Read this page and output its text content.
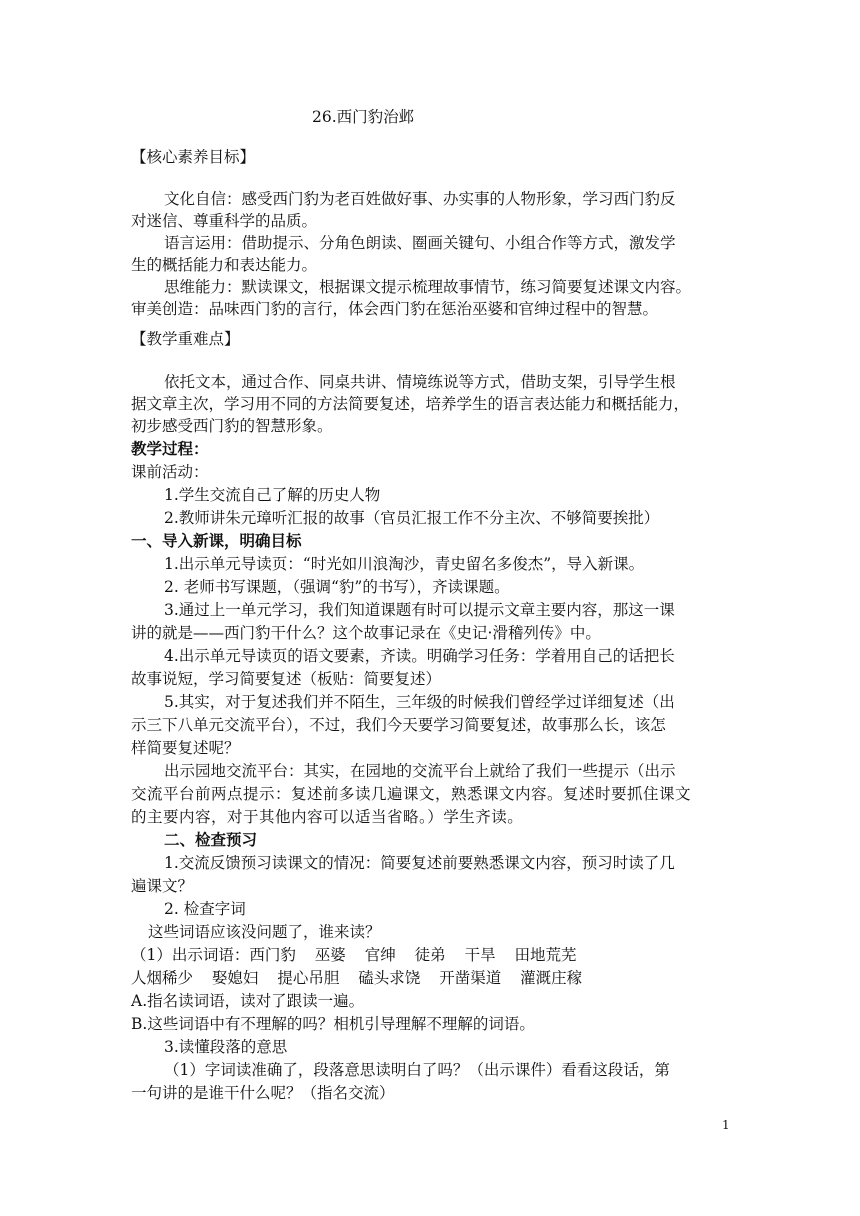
26.西门豹治邺
【核心素养目标】
文化自信：感受西门豹为老百姓做好事、办实事的人物形象，学习西门豹反
对迷信、尊重科学的品质。
语言运用：借助提示、分角色朗读、圈画关键句、小组合作等方式，激发学
生的概括能力和表达能力。
思维能力：默读课文，根据课文提示梳理故事情节，练习简要复述课文内容。
审美创造：品味西门豹的言行，体会西门豹在惩治巫婆和官绅过程中的智慧。
【教学重难点】
依托文本，通过合作、同桌共讲、情境练说等方式，借助支架，引导学生根
据文章主次，学习用不同的方法简要复述，培养学生的语言表达能力和概括能力，
初步感受西门豹的智慧形象。
教学过程：
课前活动：
1.学生交流自己了解的历史人物
2.教师讲朱元璋听汇报的故事（官员汇报工作不分主次、不够简要挨批）
一、导入新课，明确目标
1.出示单元导读页：“时光如川浪淘沙，青史留名多俊杰”，导入新课。
2. 老师书写课题，（强调“豹”的书写），齐读课题。
3.通过上一单元学习，我们知道课题有时可以提示文章主要内容，那这一课
讲的就是——西门豹干什么？这个故事记录在《史记·滑稽列传》中。
4.出示单元导读页的语文要素，齐读。明确学习任务：学着用自己的话把长
故事说短，学习简要复述（板贴：简要复述）
5.其实，对于复述我们并不陌生，三年级的时候我们曾经学过详细复述（出
示三下八单元交流平台），不过，我们今天要学习简要复述，故事那么长，该怎
样简要复述呢？
出示园地交流平台：其实，在园地的交流平台上就给了我们一些提示（出示
交流平台前两点提示：复述前多读几遍课文，熟悉课文内容。复述时要抓住课文
的主要内容，对于其他内容可以适当省略。）学生齐读。
二、检查预习
1.交流反馈预习读课文的情况：简要复述前要熟悉课文内容，预习时读了几
遍课文？
2. 检查字词
这些词语应该没问题了，谁来读？
（1）出示词语：西门豹 巫婆 官绅 徒弟 干旱 田地荒芜
人烟稀少 娶媳妇 提心吊胆 磕头求饶 开凿渠道 灌溉庄稼
A.指名读词语，读对了跟读一遍。
B.这些词语中有不理解的吗？相机引导理解不理解的词语。
3.读懂段落的意思
（1）字词读准确了，段落意思读明白了吗？（出示课件）看看这段话，第
一句讲的是谁干什么呢？（指名交流）
1
